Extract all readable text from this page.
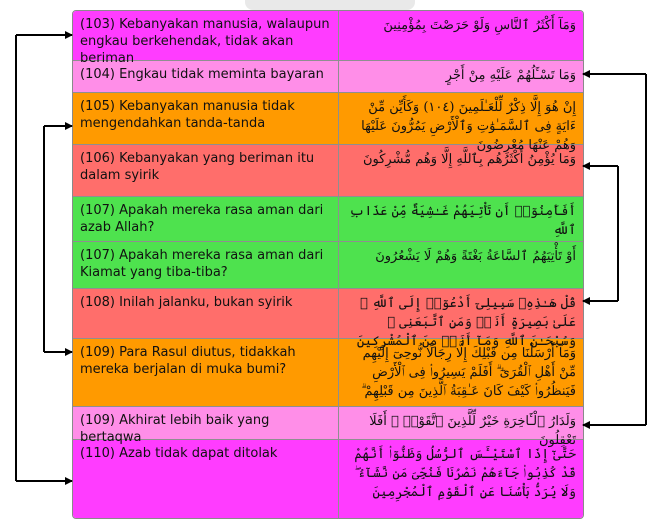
(103) Kebanyakan manusia, walaupun engkau berkehendak, tidak akan beriman
وَمَآ أَكْثَرُ ٱلنَّاسِ وَلَوْ حَرَصْتَ بِمُؤْمِنِينَ
(104) Engkau tidak meminta bayaran	وَمَا تَسْـَٔلُهُمْ عَلَيْهِ مِنْ أَجْرٍ
(105) Kebanyakan manusia tidak mengendahkan tanda-tanda
إِنْ هُوَ إِلَّا ذِكْرٌ لِّلْعَـٰلَمِينَ (١٠٤) وَكَأَيِّن مِّنْ ءَايَةٍ فِى ٱلسَّمَـٰوَٰتِ وَٱلْأَرْضِ يَمُرُّونَ عَلَيْهَا وَهُمْ عَنْهَا مُعْرِضُونَ
(106) Kebanyakan yang beriman itu dalam syirik
وَمَا يُؤْمِنُ أَكْثَرُهُم بِٱللَّهِ إِلَّا وَهُم مُّشْرِكُونَ
(107) Apakah mereka rasa aman dari azab Allah?
أَفَأَمِنُوٓا۟ أَن تَأْتِيَهُمْ غَـٰشِيَةٌ مِّنْ عَذَابِ ٱللَّهِ
(107) Apakah mereka rasa aman dari Kiamat yang tiba-tiba?
أَوْ تَأْتِيَهُمُ ٱلسَّاعَةُ بَغْتَةً وَهُمْ لَا يَشْعُرُونَ
(108) Inilah jalanku, bukan syirik	قُلْ هَـٰذِهِۦ سَبِيلِىٓ أَدْعُوٓا۟ إِلَى ٱللَّهِ ۚ عَلَىٰ بَصِيرَةٍ أَنَا۠ وَمَنِ ٱتَّبَعَنِى ۖ وَسُبْحَـٰنَ ٱللَّهِ وَمَآ أَنَا۠ مِنَ ٱلْمُشْرِكِينَ
(109) Para Rasul diutus, tidakkah mereka berjalan di muka bumi?
وَمَآ أَرْسَلْنَا مِن قَبْلِكَ إِلَّا رِجَالًا نُّوحِىٓ إِلَيْهِم مِّنْ أَهْلِ ٱلْقُرَىٰٓ ۗ أَفَلَمْ يَسِيرُوا۟ فِى ٱلْأَرْضِ فَيَنظُرُوا۟ كَيْفَ كَانَ عَـٰقِبَةُ ٱلَّذِينَ مِن قَبْلِهِمْ ۗ
(109) Akhirat lebih baik yang bertaqwa
وَلَدَارُ ٱلْـَٔاخِرَةِ خَيْرٌ لِّلَّذِينَ ٱتَّقَوْا۟ ۗ أَفَلَا تَعْقِلُونَ
(110) Azab tidak dapat ditolak	حَتَّىٰٓ إِذَا ٱسْتَيْـَٔسَ ٱلرُّسُلُ وَظَنُّوٓا۟ أَنَّهُمْ قَدْ كُذِبُوا۟ جَآءَهُمْ نَصْرُنَا فَنُجِّىَ مَن نَّشَآءُ ۖ وَلَا يُرَدُّ بَأْسُنَا عَنِ ٱلْقَوْمِ ٱلْمُجْرِمِينَ
